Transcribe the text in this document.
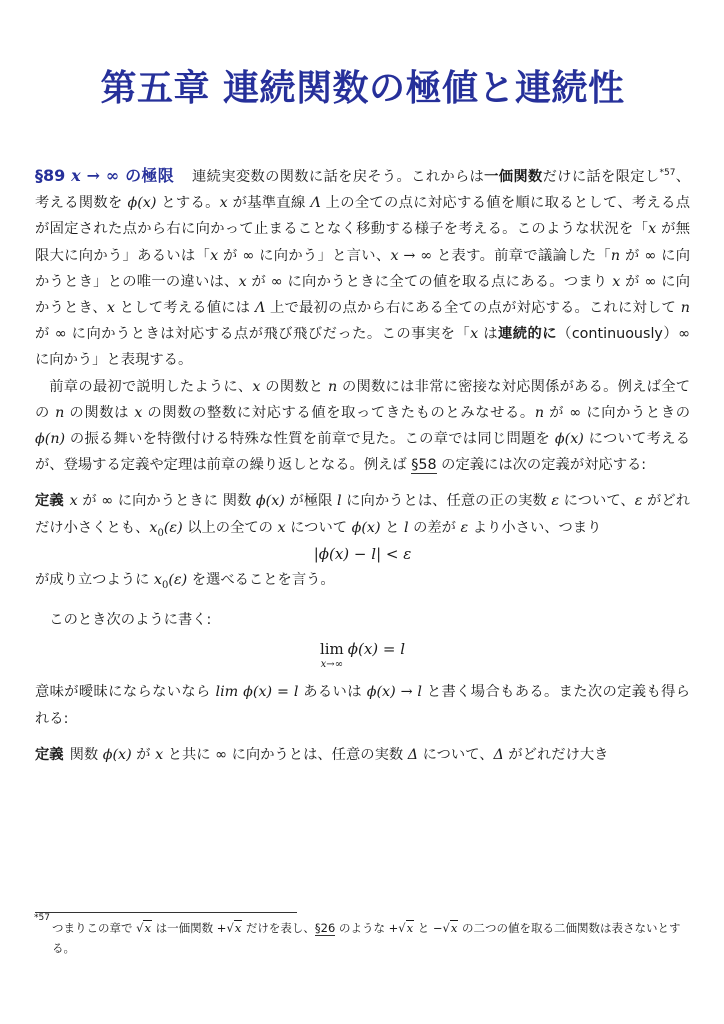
第五章 連続関数の極値と連続性

§89 x → ∞ の極限 連続実変数の関数に話を戻そう。これからは一価関数だけに話を限定し$^{*57}$、考える関数を ϕ(x) とする。x が基準直線 Λ 上の全ての点に対応する値を順に取るとして、考える点が固定された点から右に向かって止まることなく移動する様子を考える。このような状況を「x が無限大に向かう」あるいは「x が ∞ に向かう」と言い、x → ∞ と表す。前章で議論した「n が ∞ に向かうとき」との唯一の違いは、x が ∞ に向かうときに全ての値を取る点にある。つまり x が ∞ に向かうとき、x として考える値には Λ 上で最初の点から右にある全ての点が対応する。これに対して n が ∞ に向かうときは対応する点が飛び飛びだった。この事実を「x は連続的に（continuously）∞ に向かう」と表現する。

前章の最初で説明したように、x の関数と n の関数には非常に密接な対応関係がある。例えば全ての n の関数は x の関数の整数に対応する値を取ってきたものとみなせる。n が ∞ に向かうときの ϕ(n) の振る舞いを特徴付ける特殊な性質を前章で見た。この章では同じ問題を ϕ(x) について考えるが、登場する定義や定理は前章の繰り返しとなる。例えば §58 の定義には次の定義が対応する:

定義 x が ∞ に向かうときに 関数 ϕ(x) が極限 l に向かうとは、任意の正の実数 ε について、ε がどれだけ小さくとも、$x_0(\varepsilon)$ 以上の全ての x について ϕ(x) と l の差が ε より小さい、つまり

|ϕ(x) − l| < ε

が成り立つように $x_0(\varepsilon)$ を選べることを言う。

このとき次のように書く:

lim
x→∞
ϕ(x) = l

意味が曖昧にならないなら lim ϕ(x) = l あるいは ϕ(x) → l と書く場合もある。また次の定義も得られる:

定義 関数 ϕ(x) が x と共に ∞ に向かうとは、任意の実数 Δ について、Δ がどれだけ大き

*57
つまりこの章で √x は一価関数 +√x だけを表し、§26 のような +√x と −√x の二つの値を取る二価関数は表さないとする。
